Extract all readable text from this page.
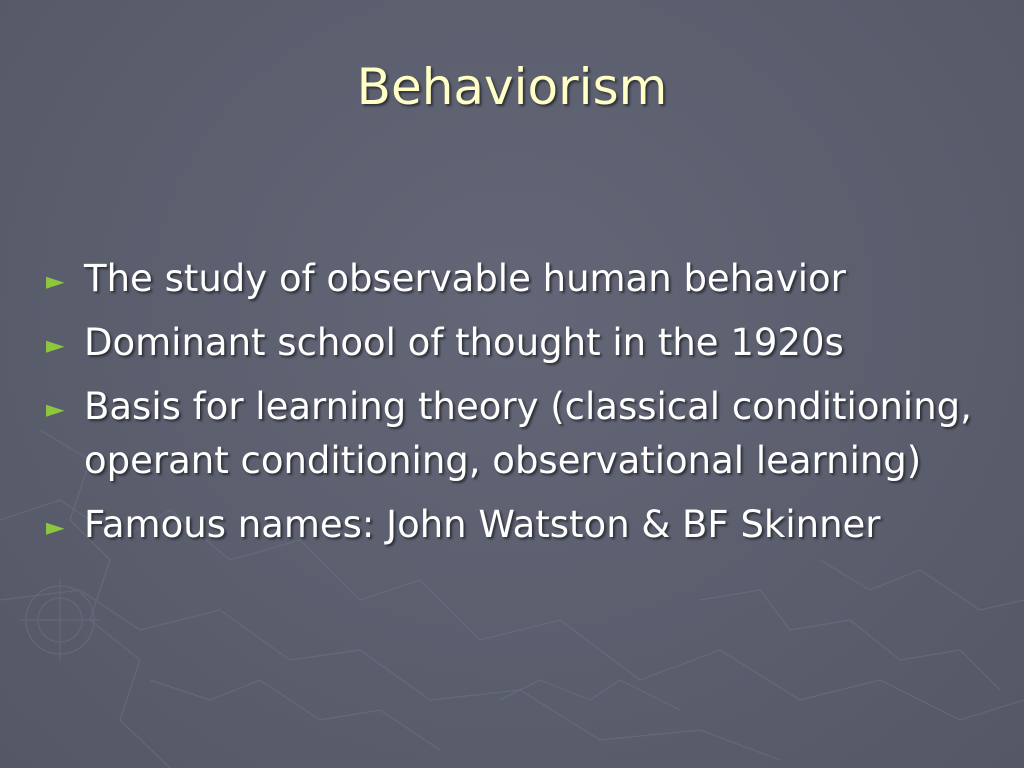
Behaviorism
► The study of observable human behavior
► Dominant school of thought in the 1920s
► Basis for learning theory (classical conditioning, operant conditioning, observational learning)
► Famous names: John Watston & BF Skinner
